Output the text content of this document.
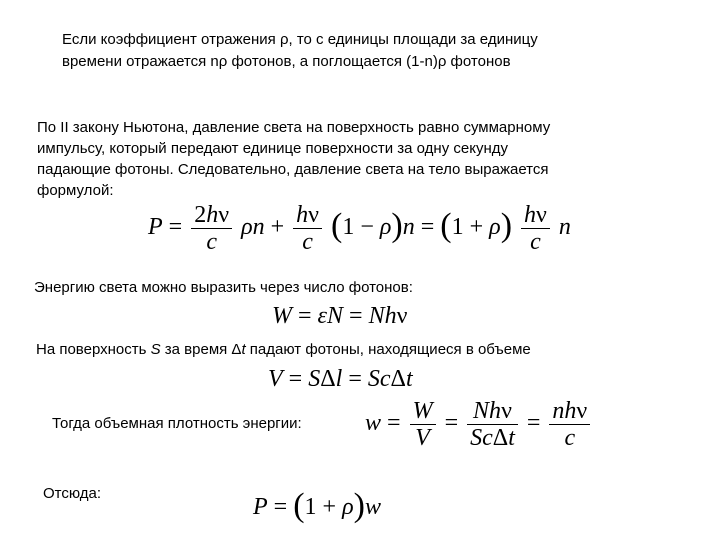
Если коэффициент отражения ρ, то с единицы площади за единицу
времени отражается nρ фотонов, а поглощается (1-n)ρ фотонов
По II закону Ньютона, давление света на поверхность равно суммарному
импульсу, который передают единице поверхности за одну секунду
падающие фотоны. Следовательно, давление света на тело выражается
формулой:
$P = \frac{2h\nu}{c}$ $\rho n + \frac{h\nu}{c} (1 - \rho)n = (1 + \rho) \frac{h\nu}{c}$ n
Энергию света можно выразить через число фотонов:
W = εN = Nhν
На поверхность S за время Δt падают фотоны, находящиеся в объеме
V = SΔl = ScΔt
Тогда объемная плотность энергии:	$w = \frac{W}{V} = \frac{\text{Nhν}}{\text{ScΔt}} = \frac{\text{nhν}}{c}$
Отсюда:
P = (1 + ρ)w
